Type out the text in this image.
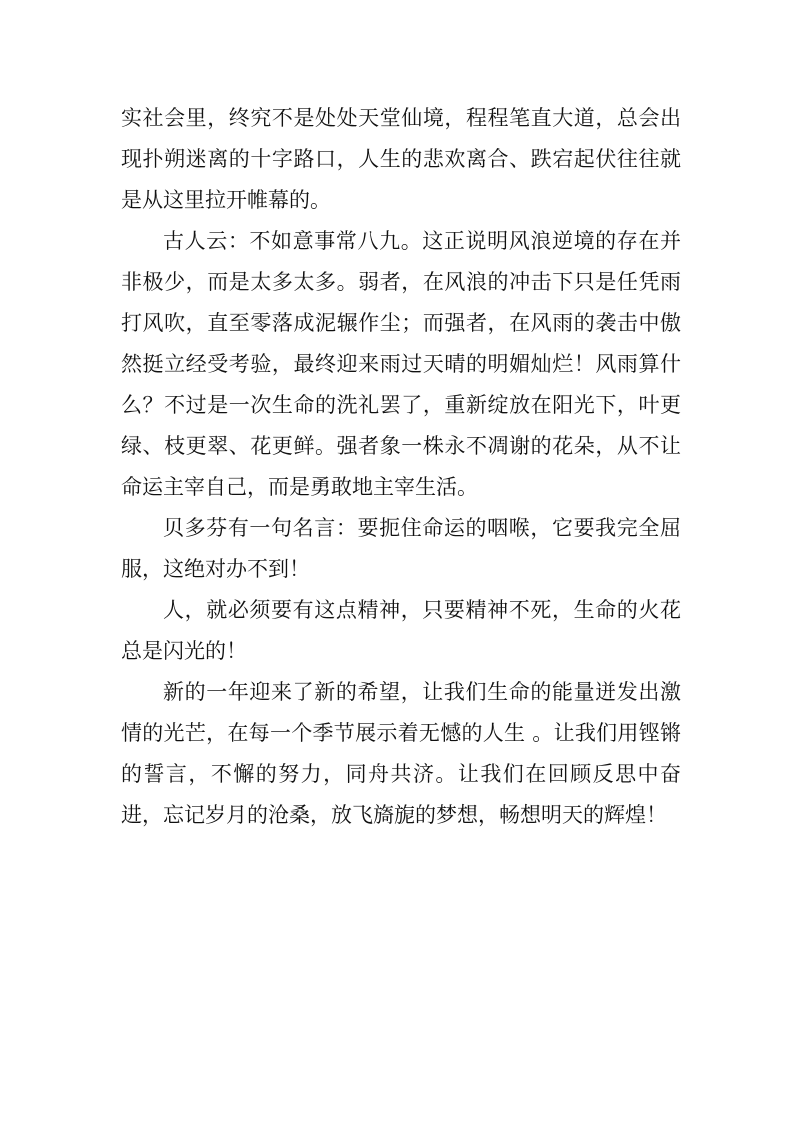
实社会里，终究不是处处天堂仙境，程程笔直大道，总会出现扑朔迷离的十字路口，人生的悲欢离合、跌宕起伏往往就是从这里拉开帷幕的。

古人云：不如意事常八九。这正说明风浪逆境的存在并非极少，而是太多太多。弱者，在风浪的冲击下只是任凭雨打风吹，直至零落成泥辗作尘；而强者，在风雨的袭击中傲然挺立经受考验，最终迎来雨过天晴的明媚灿烂！风雨算什么？不过是一次生命的洗礼罢了，重新绽放在阳光下，叶更绿、枝更翠、花更鲜。强者象一株永不凋谢的花朵，从不让命运主宰自己，而是勇敢地主宰生活。

贝多芬有一句名言：要扼住命运的咽喉，它要我完全屈服，这绝对办不到！

人，就必须要有这点精神，只要精神不死，生命的火花总是闪光的！

新的一年迎来了新的希望，让我们生命的能量迸发出激情的光芒，在每一个季节展示着无憾的人生 。让我们用铿锵的誓言，不懈的努力，同舟共济。让我们在回顾反思中奋进，忘记岁月的沧桑，放飞旖旎的梦想，畅想明天的辉煌！
